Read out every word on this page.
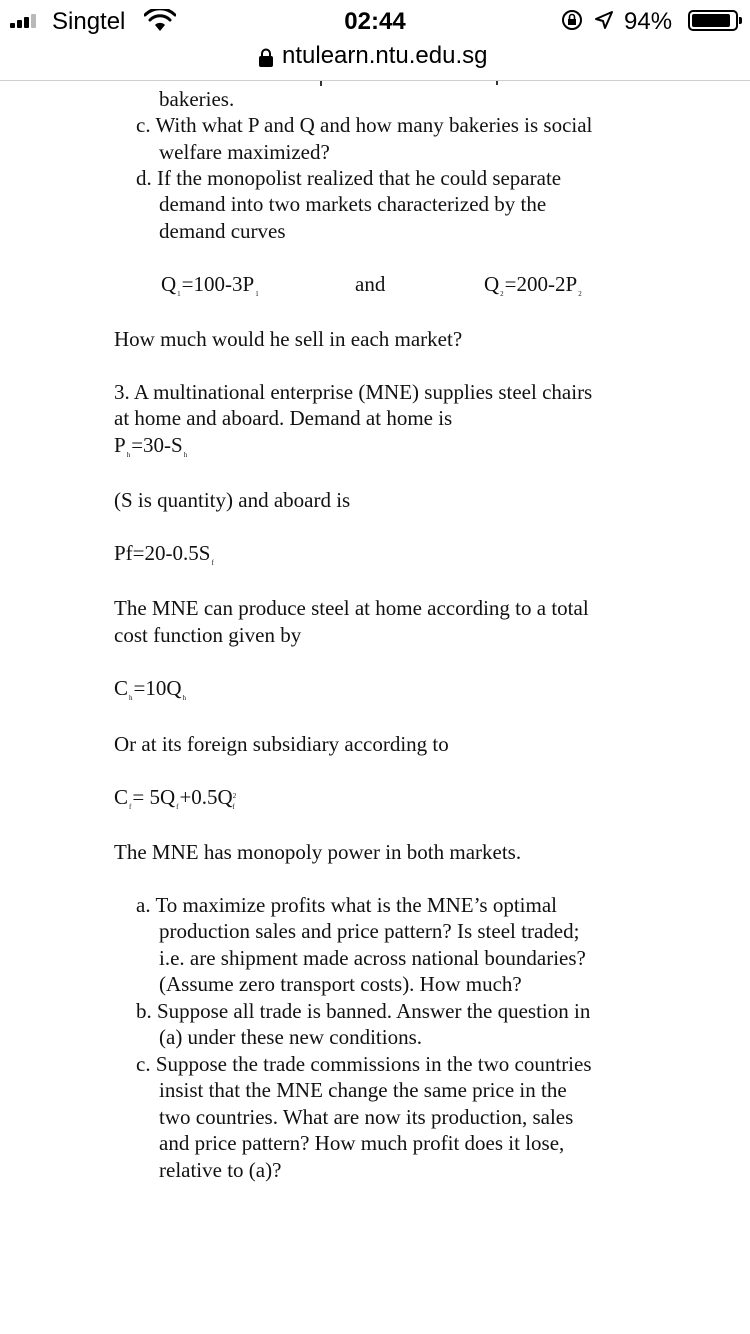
Singtel	02:44	94%
ntulearn.ntu.edu.sg
bakeries.
c. With what P and Q and how many bakeries is social
welfare maximized?
d. If the monopolist realized that he could separate
demand into two markets characterized by the
demand curves
$Q_1=100-3P_1$	and	$Q_2=200-2P_2$
How much would he sell in each market?
3. A multinational enterprise (MNE) supplies steel chairs
at home and aboard. Demand at home is
$P_h=30-S_h$
(S is quantity) and aboard is
$Pf=20-0.5S_f$
The MNE can produce steel at home according to a total
cost function given by
$C_h=10Q_h$
Or at its foreign subsidiary according to
$C_f= 5Q_f+0.5Q^2_f$
The MNE has monopoly power in both markets.
a. To maximize profits what is the MNE’s optimal
production sales and price pattern? Is steel traded;
i.e. are shipment made across national boundaries?
(Assume zero transport costs). How much?
b. Suppose all trade is banned. Answer the question in
(a) under these new conditions.
c. Suppose the trade commissions in the two countries
insist that the MNE change the same price in the
two countries. What are now its production, sales
and price pattern? How much profit does it lose,
relative to (a)?
